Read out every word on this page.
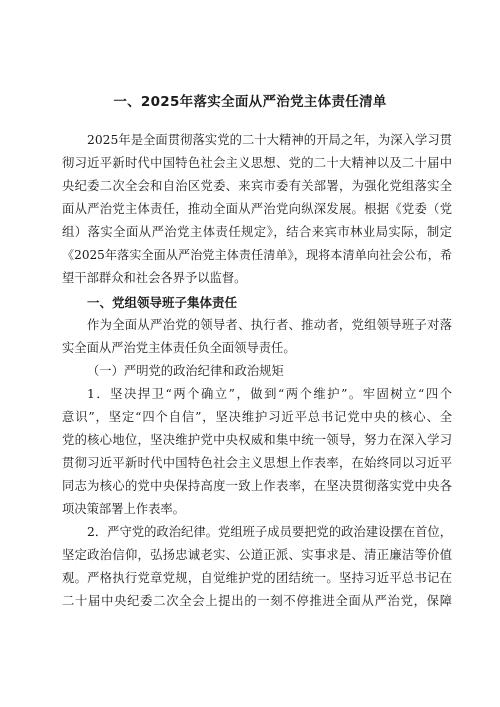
一、2025年落实全面从严治党主体责任清单
2025年是全面贯彻落实党的二十大精神的开局之年，为深入学习贯
彻习近平新时代中国特色社会主义思想、党的二十大精神以及二十届中
央纪委二次全会和自治区党委、来宾市委有关部署，为强化党组落实全
面从严治党主体责任，推动全面从严治党向纵深发展。根据《党委（党
组）落实全面从严治党主体责任规定》，结合来宾市林业局实际，制定
《2025年落实全面从严治党主体责任清单》，现将本清单向社会公布，希
望干部群众和社会各界予以监督。
一、党组领导班子集体责任
作为全面从严治党的领导者、执行者、推动者，党组领导班子对落
实全面从严治党主体责任负全面领导责任。
（一）严明党的政治纪律和政治规矩
1．坚决捍卫“两个确立”，做到“两个维护”。牢固树立“四个
意识”，坚定“四个自信”，坚决维护习近平总书记党中央的核心、全
党的核心地位，坚决维护党中央权威和集中统一领导，努力在深入学习
贯彻习近平新时代中国特色社会主义思想上作表率，在始终同以习近平
同志为核心的党中央保持高度一致上作表率，在坚决贯彻落实党中央各
项决策部署上作表率。
2．严守党的政治纪律。党组班子成员要把党的政治建设摆在首位，
坚定政治信仰，弘扬忠诚老实、公道正派、实事求是、清正廉洁等价值
观。严格执行党章党规，自觉维护党的团结统一。坚持习近平总书记在
二十届中央纪委二次全会上提出的一刻不停推进全面从严治党，保障
